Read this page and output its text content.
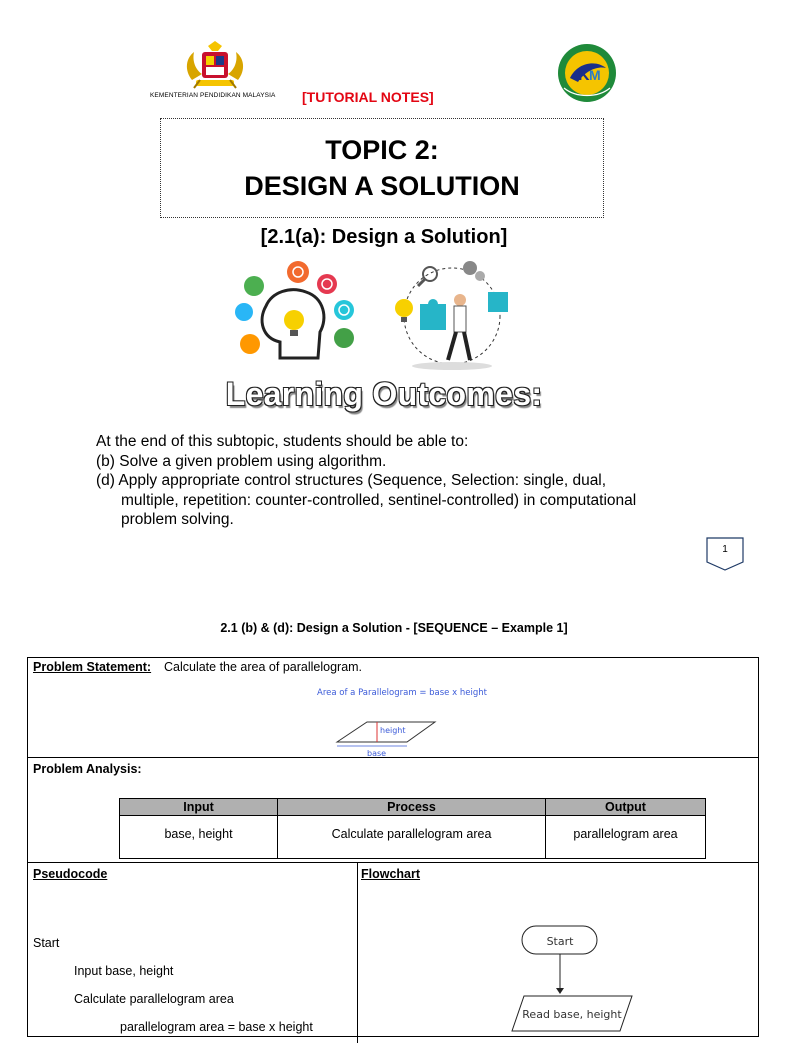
KEMENTERIAN PENDIDIKAN MALAYSIA [TUTORIAL NOTES]
K M
TOPIC 2:
DESIGN A SOLUTION
[2.1(a): Design a Solution]
Learning Outcomes:
At the end of this subtopic, students should be able to:
(b) Solve a given problem using algorithm.
(d) Apply appropriate control structures (Sequence, Selection: single, dual, multiple, repetition: counter-controlled, sentinel-controlled) in computational problem solving.
1
2.1 (b) & (d): Design a Solution - [SEQUENCE – Example 1]
Problem Statement: Calculate the area of parallelogram.
Area of a Parallelogram = base x height
height
base
Problem Analysis:
Input
base, height
Process
Calculate parallelogram area
Output
parallelogram area
Pseudocode	Flowchart
Start
Input base, height
Calculate parallelogram area
parallelogram area = base x height
Start
Read base, height
